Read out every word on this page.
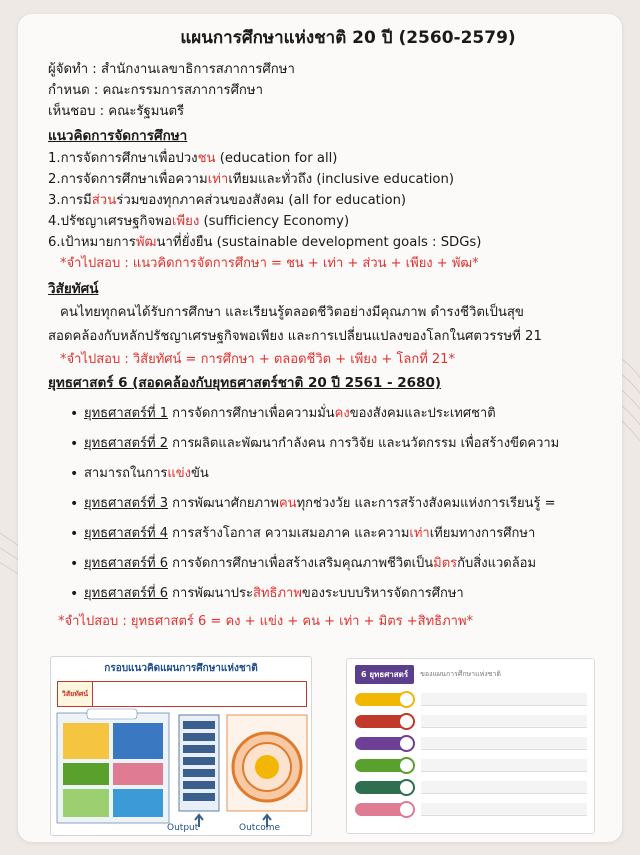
แผนการศึกษาแห่งชาติ 20 ปี (2560-2579)
ผู้จัดทำ : สำนักงานเลขาธิการสภาการศึกษา
กำหนด : คณะกรรมการสภาการศึกษา
เห็นชอบ : คณะรัฐมนตรี
แนวคิดการจัดการศึกษา
1.การจัดการศึกษาเพื่อปวงชน (education for all)
2.การจัดการศึกษาเพื่อความเท่าเทียมและทั่วถึง (inclusive education)
3.การมีส่วนร่วมของทุกภาคส่วนของสังคม (all for education)
4.ปรัชญาเศรษฐกิจพอเพียง (sufficiency Economy)
6.เป้าหมายการพัฒนาที่ยั่งยืน (sustainable development goals : SDGs)
*จำไปสอบ : แนวคิดการจัดการศึกษา = ชน + เท่า + ส่วน + เพียง + พัฒ*
วิสัยทัศน์
คนไทยทุกคนได้รับการศึกษา และเรียนรู้ตลอดชีวิตอย่างมีคุณภาพ ดำรงชีวิตเป็นสุข
สอดคล้องกับหลักปรัชญาเศรษฐกิจพอเพียง และการเปลี่ยนแปลงของโลกในศตวรรษที่ 21
*จำไปสอบ : วิสัยทัศน์ = การศึกษา + ตลอดชีวิต + เพียง + โลกที่ 21*
ยุทธศาสตร์ 6 (สอดคล้องกับยุทธศาสตร์ชาติ 20 ปี 2561 - 2680)
• ยุทธศาสตร์ที่ 1 การจัดการศึกษาเพื่อความมั่นคงของสังคมและประเทศชาติ
• ยุทธศาสตร์ที่ 2 การผลิตและพัฒนากำลังคน การวิจัย และนวัตกรรม เพื่อสร้างขีดความ
• สามารถในการแข่งขัน
• ยุทธศาสตร์ที่ 3 การพัฒนาศักยภาพคนทุกช่วงวัย และการสร้างสังคมแห่งการเรียนรู้ =
• ยุทธศาสตร์ที่ 4 การสร้างโอกาส ความเสมอภาค และความเท่าเทียมทางการศึกษา
• ยุทธศาสตร์ที่ 6 การจัดการศึกษาเพื่อสร้างเสริมคุณภาพชีวิตเป็นมิตรกับสิ่งแวดล้อม
• ยุทธศาสตร์ที่ 6 การพัฒนาประสิทธิภาพของระบบบริหารจัดการศึกษา
*จำไปสอบ : ยุทธศาสตร์ 6 = คง + แข่ง + คน + เท่า + มิตร +สิทธิภาพ*
กรอบแนวคิดแผนการศึกษาแห่งชาติ
วิสัยทัศน์
Output	Outcome
6 ยุทธศาสตร์	ของแผนการศึกษาแห่งชาติ
1
2
3
4
5
6
